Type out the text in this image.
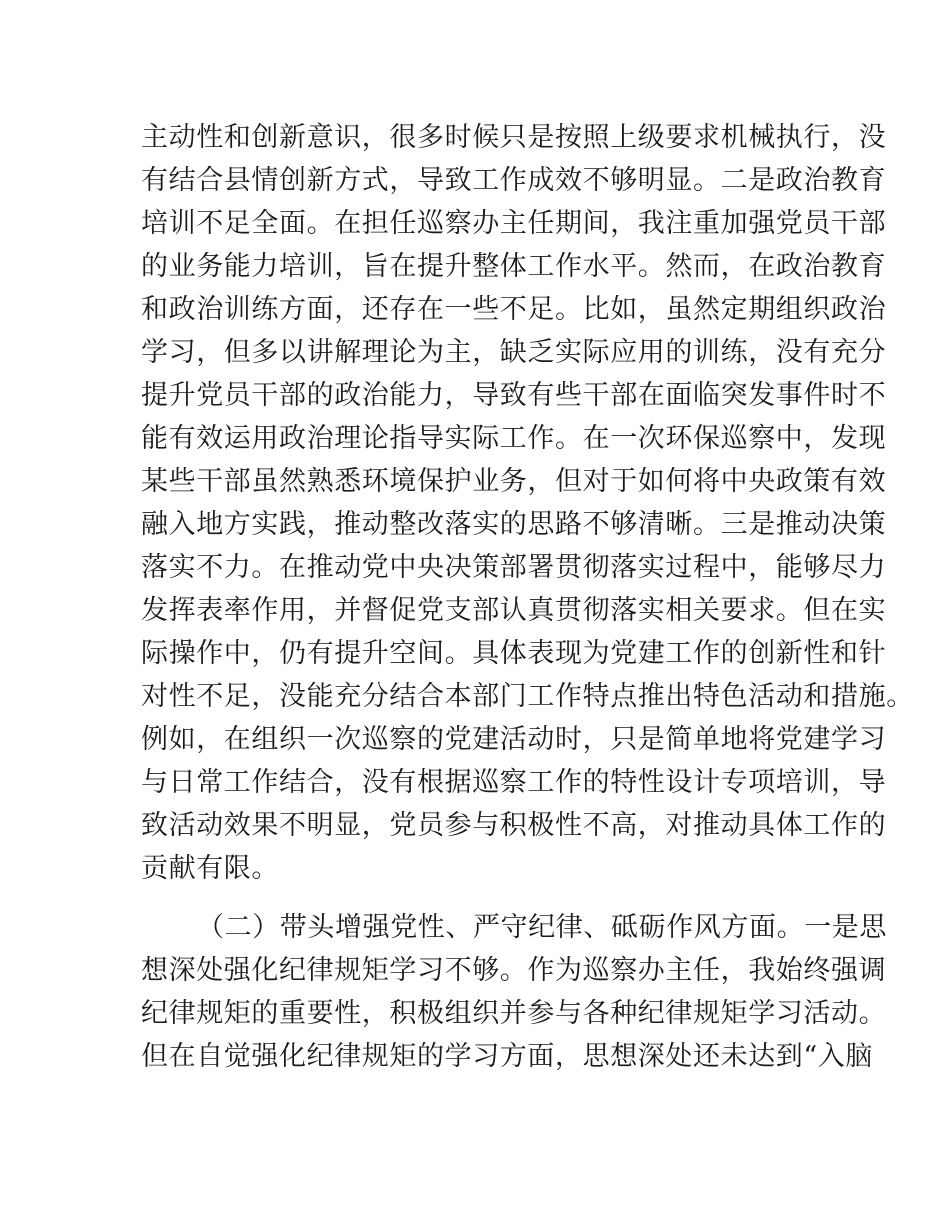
主动性和创新意识，很多时候只是按照上级要求机械执行，没
有结合县情创新方式，导致工作成效不够明显。二是政治教育
培训不足全面。在担任巡察办主任期间，我注重加强党员干部
的业务能力培训，旨在提升整体工作水平。然而，在政治教育
和政治训练方面，还存在一些不足。比如，虽然定期组织政治
学习，但多以讲解理论为主，缺乏实际应用的训练，没有充分
提升党员干部的政治能力，导致有些干部在面临突发事件时不
能有效运用政治理论指导实际工作。在一次环保巡察中，发现
某些干部虽然熟悉环境保护业务，但对于如何将中央政策有效
融入地方实践，推动整改落实的思路不够清晰。三是推动决策
落实不力。在推动党中央决策部署贯彻落实过程中，能够尽力
发挥表率作用，并督促党支部认真贯彻落实相关要求。但在实
际操作中，仍有提升空间。具体表现为党建工作的创新性和针
对性不足，没能充分结合本部门工作特点推出特色活动和措施。
例如，在组织一次巡察的党建活动时，只是简单地将党建学习
与日常工作结合，没有根据巡察工作的特性设计专项培训，导
致活动效果不明显，党员参与积极性不高，对推动具体工作的
贡献有限。
（二）带头增强党性、严守纪律、砥砺作风方面。一是思
想深处强化纪律规矩学习不够。作为巡察办主任，我始终强调
纪律规矩的重要性，积极组织并参与各种纪律规矩学习活动。
但在自觉强化纪律规矩的学习方面，思想深处还未达到“入脑
